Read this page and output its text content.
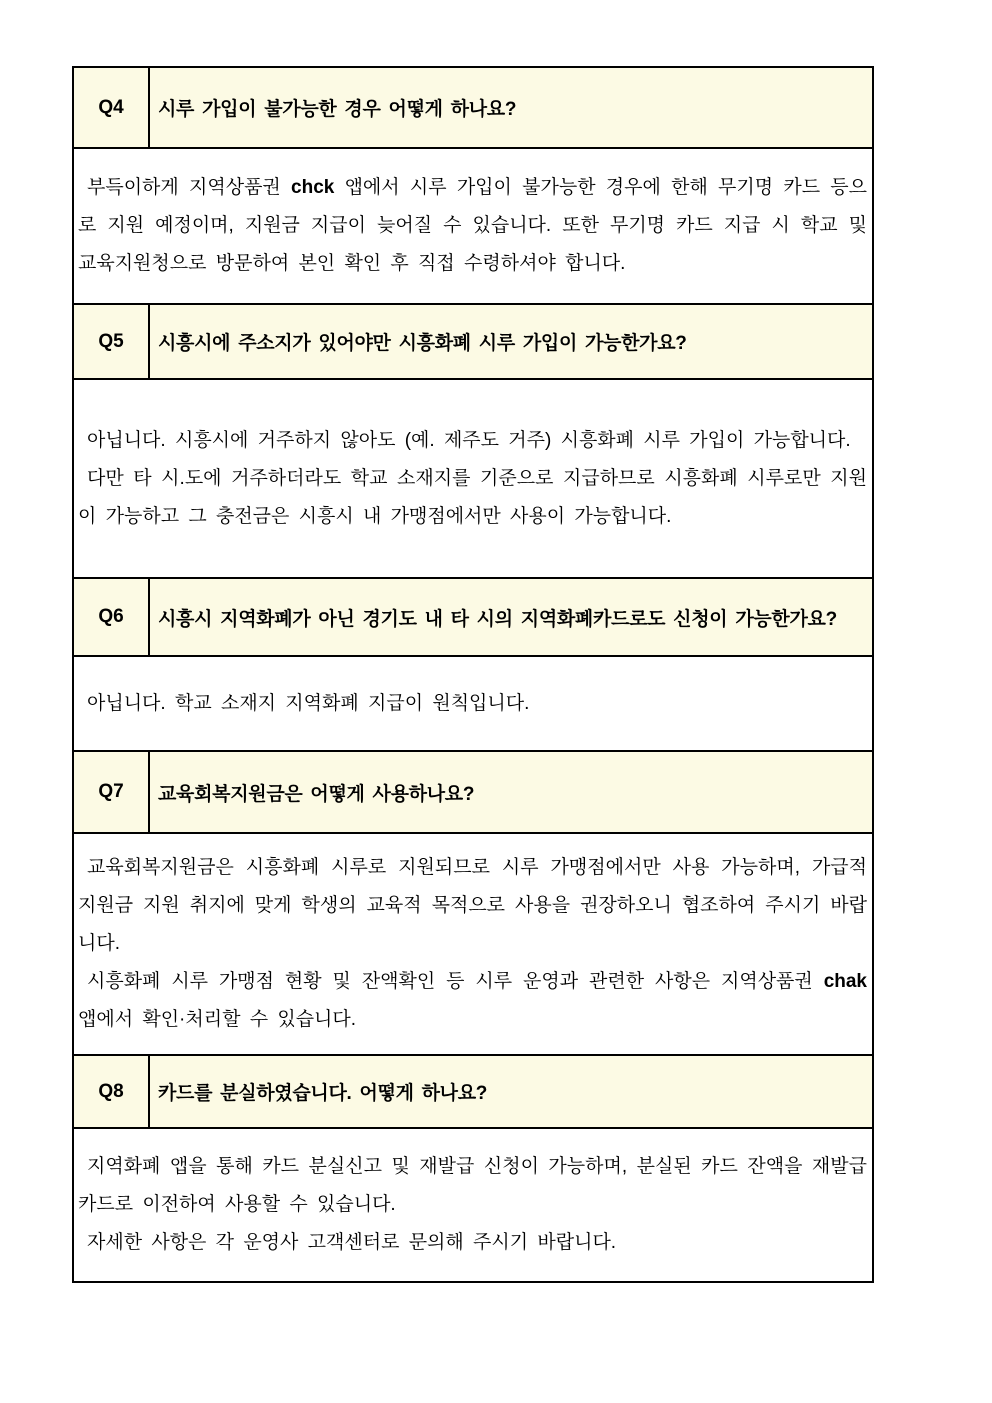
Q4	시루 가입이 불가능한 경우 어떻게 하나요?

부득이하게 지역상품권 chck 앱에서 시루 가입이 불가능한 경우에 한해 무기명 카드 등으로 지원 예정이며, 지원금 지급이 늦어질 수 있습니다. 또한 무기명 카드 지급 시 학교 및 교육지원청으로 방문하여 본인 확인 후 직접 수령하셔야 합니다.	

Q5	시흥시에 주소지가 있어야만 시흥화폐 시루 가입이 가능한가요?

아닙니다. 시흥시에 거주하지 않아도 (예. 제주도 거주) 시흥화폐 시루 가입이 가능합니다.

다만 타 시.도에 거주하더라도 학교 소재지를 기준으로 지급하므로 시흥화폐 시루로만 지원이 가능하고 그 충전금은 시흥시 내 가맹점에서만 사용이 가능합니다.	

Q6	시흥시 지역화폐가 아닌 경기도 내 타 시의 지역화폐카드로도 신청이 가능한가요?

아닙니다. 학교 소재지 지역화폐 지급이 원칙입니다.	

Q7	교육회복지원금은 어떻게 사용하나요?

교육회복지원금은 시흥화폐 시루로 지원되므로 시루 가맹점에서만 사용 가능하며, 가급적 지원금 지원 취지에 맞게 학생의 교육적 목적으로 사용을 권장하오니 협조하여 주시기 바랍니다.

시흥화폐 시루 가맹점 현황 및 잔액확인 등 시루 운영과 관련한 사항은 지역상품권 chak 앱에서 확인·처리할 수 있습니다.	

Q8	카드를 분실하였습니다. 어떻게 하나요?

지역화폐 앱을 통해 카드 분실신고 및 재발급 신청이 가능하며, 분실된 카드 잔액을 재발급 카드로 이전하여 사용할 수 있습니다.

자세한 사항은 각 운영사 고객센터로 문의해 주시기 바랍니다.	
